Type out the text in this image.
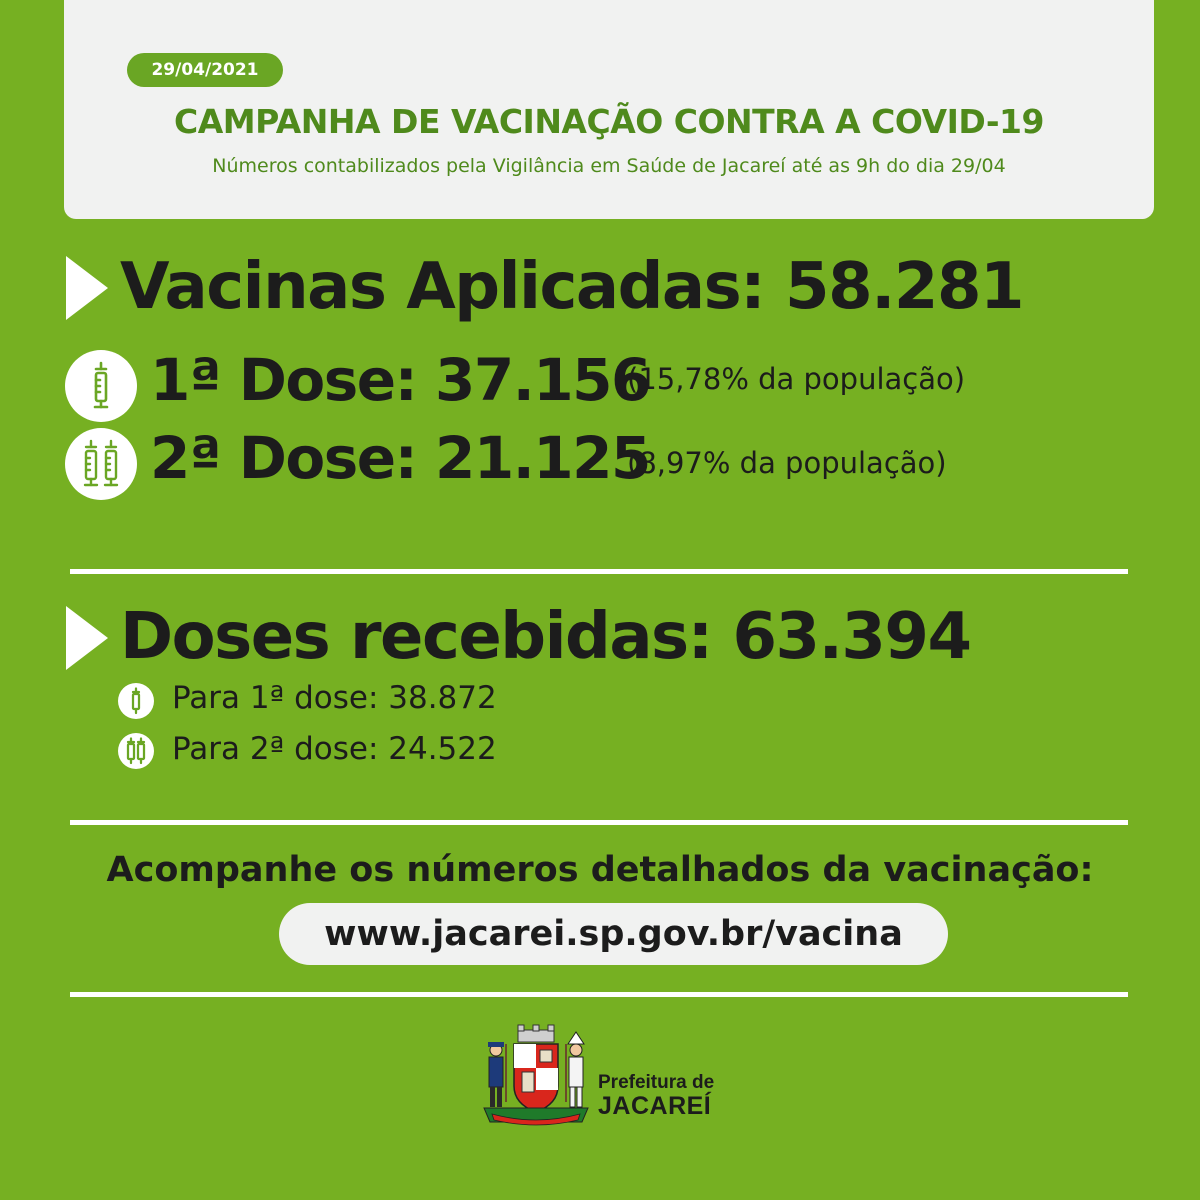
29/04/2021
CAMPANHA DE VACINAÇÃO CONTRA A COVID-19
Números contabilizados pela Vigilância em Saúde de Jacareí até as 9h do dia 29/04
Vacinas Aplicadas: 58.281
1ª Dose: 37.156
(15,78% da população)
2ª Dose: 21.125
(8,97% da população)
Doses recebidas: 63.394
Para 1ª dose: 38.872
Para 2ª dose: 24.522
Acompanhe os números detalhados da vacinação:
www.jacarei.sp.gov.br/vacina
Prefeitura de
JACAREÍ
